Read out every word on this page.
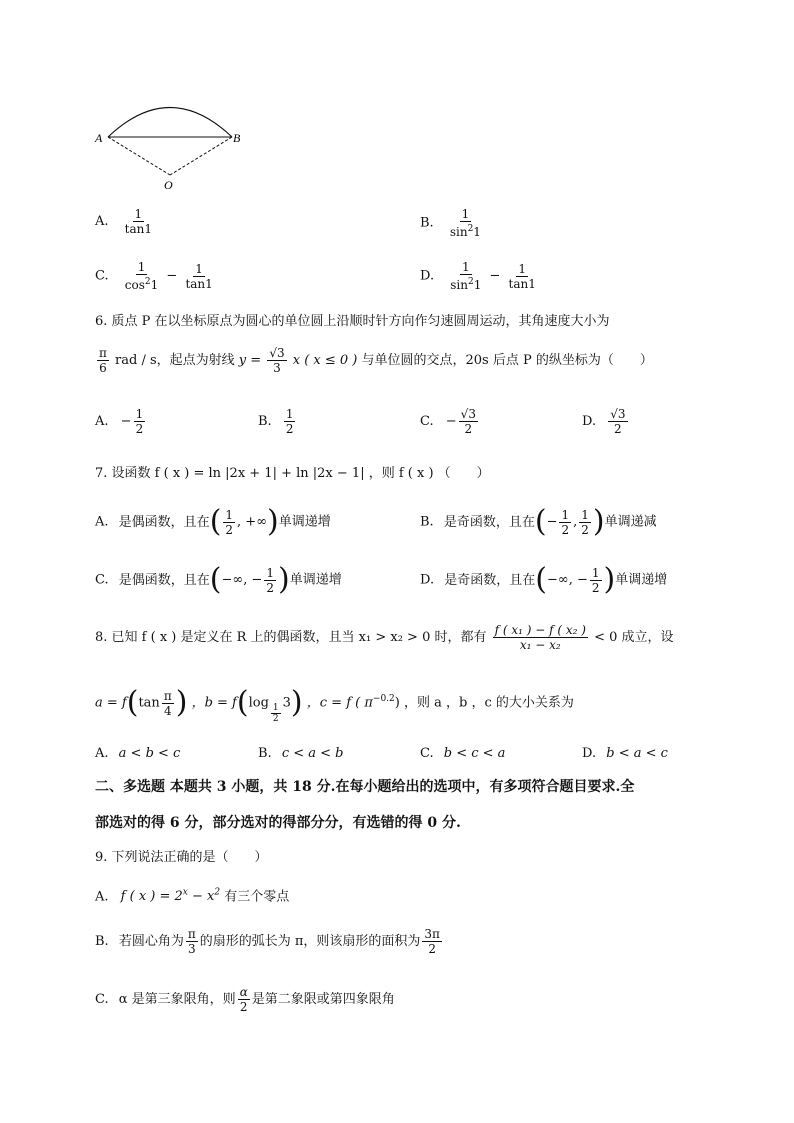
A	B
O
A. $\frac{1}{\tan 1}$	B. $\frac{1}{\sin^21}$
C. $\frac{1}{\cos^21} - \frac{1}{\tan 1}$	D. $\frac{1}{\sin^21} - \frac{1}{\tan 1}$
6. 质点 P 在以坐标原点为圆心的单位圆上沿顺时针方向作匀速圆周运动，其角速度大小为
$\frac{\pi}{6}$ rad / s，起点为射线 $y = \frac{√3}{3}$ x ( x ≤ 0 ) 与单位圆的交点，20s 后点 P 的纵坐标为（　　）
A. − $\frac{1}{2}$	B. $\frac{1}{2}$	C. − $\frac{√3}{2}$	D. $\frac{√3}{2}$
7. 设函数 f ( x ) = ln |2x + 1| + ln |2x − 1| ，则 f ( x ) （　　）
A. 是偶函数，且在( $\frac{1}{2}$ , +∞)单调递增	B. 是奇函数，且在(− $\frac{1}{2}$ , $\frac{1}{2}$ )单调递减
C. 是偶函数，且在(−∞, − $\frac{1}{2}$ )单调递增	D. 是奇函数，且在(−∞, − $\frac{1}{2}$ )单调递增
8. 已知 f ( x ) 是定义在 R 上的偶函数，且当 x₁ > x₂ > 0 时，都有 $\frac{\text{f ( x₁ ) − f ( x₂ )}}{\text{x₁ − x₂}} < 0$ 成立，设
$a = f(\tan \frac{\pi}{4}$ ) ，b = f(log
$\frac{1}{2}$
3) ，c = f ( $\pi^{-0.2}$) ，则 a ，b ，c 的大小关系为
A. a < b < c	B. c < a < b	C. b < c < a	D. b < a < c
二、多选题 本题共 3 小题，共 18 分.在每小题给出的选项中，有多项符合题目要求.全
部选对的得 6 分，部分选对的得部分分，有选错的得 0 分.
9. 下列说法正确的是（　　）
A. f ( x ) = $2^x - x^2$ 有三个零点
B. 若圆心角为 $\frac{\pi}{3}$ 的扇形的弧长为 π，则该扇形的面积为 $\frac{3\pi}{2}$
C. α 是第三象限角，则 $\frac{\alpha}{2}$ 是第二象限或第四象限角
